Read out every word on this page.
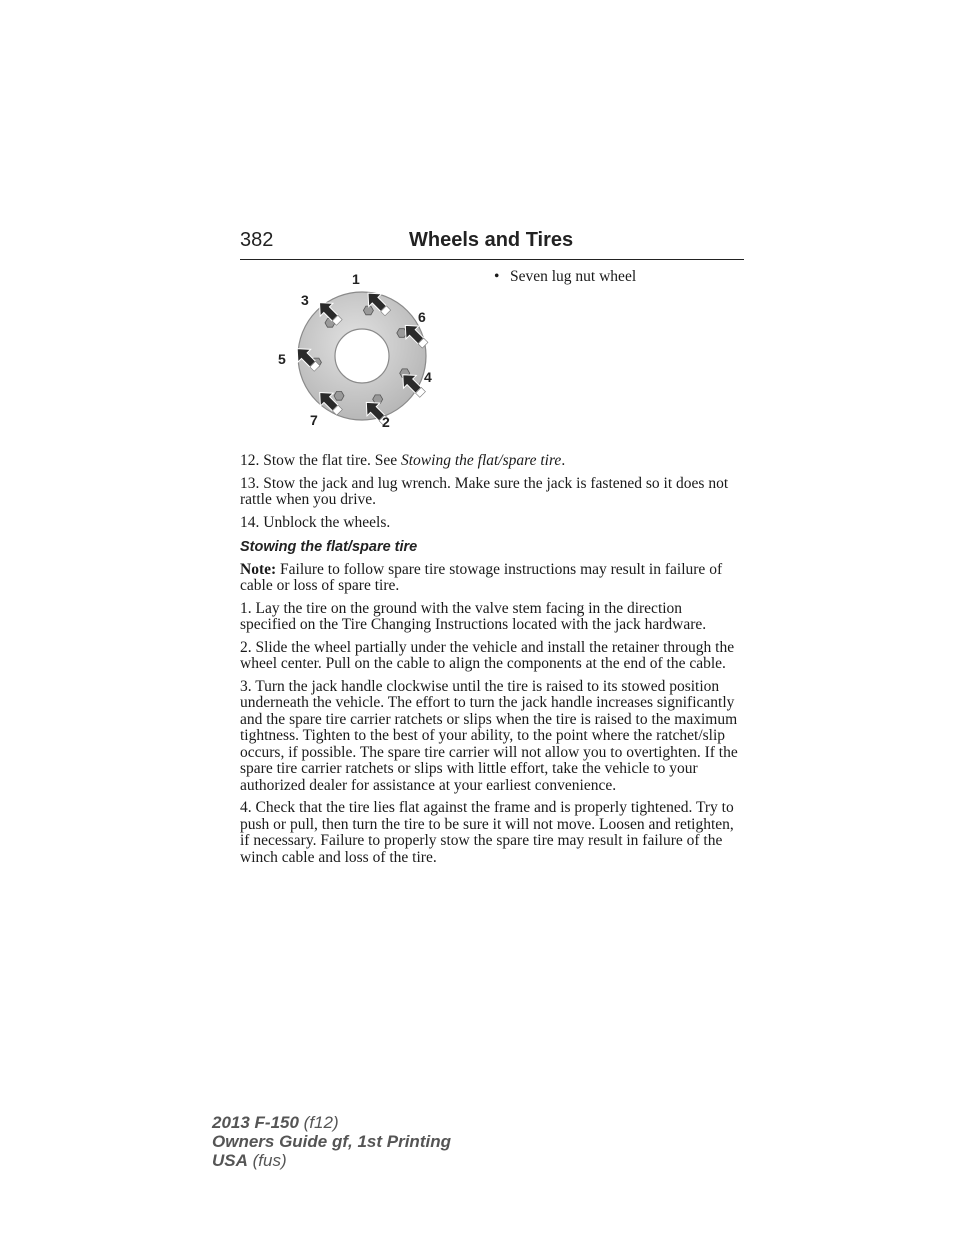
382	Wheels and Tires
1
2
3
4
5
6
7
• Seven lug nut wheel

12. Stow the flat tire. See Stowing the flat/spare tire.

13. Stow the jack and lug wrench. Make sure the jack is fastened so it does not rattle when you drive.

14. Unblock the wheels.

Stowing the flat/spare tire

Note: Failure to follow spare tire stowage instructions may result in failure of cable or loss of spare tire.

1. Lay the tire on the ground with the valve stem facing in the direction specified on the Tire Changing Instructions located with the jack hardware.

2. Slide the wheel partially under the vehicle and install the retainer through the wheel center. Pull on the cable to align the components at the end of the cable.

3. Turn the jack handle clockwise until the tire is raised to its stowed position underneath the vehicle. The effort to turn the jack handle increases significantly and the spare tire carrier ratchets or slips when the tire is raised to the maximum tightness. Tighten to the best of your ability, to the point where the ratchet/slip occurs, if possible. The spare tire carrier will not allow you to overtighten. If the spare tire carrier ratchets or slips with little effort, take the vehicle to your authorized dealer for assistance at your earliest convenience.

4. Check that the tire lies flat against the frame and is properly tightened. Try to push or pull, then turn the tire to be sure it will not move. Loosen and retighten, if necessary. Failure to properly stow the spare tire may result in failure of the winch cable and loss of the tire.

2013 F-150 (f12)
Owners Guide gf, 1st Printing
USA (fus)
